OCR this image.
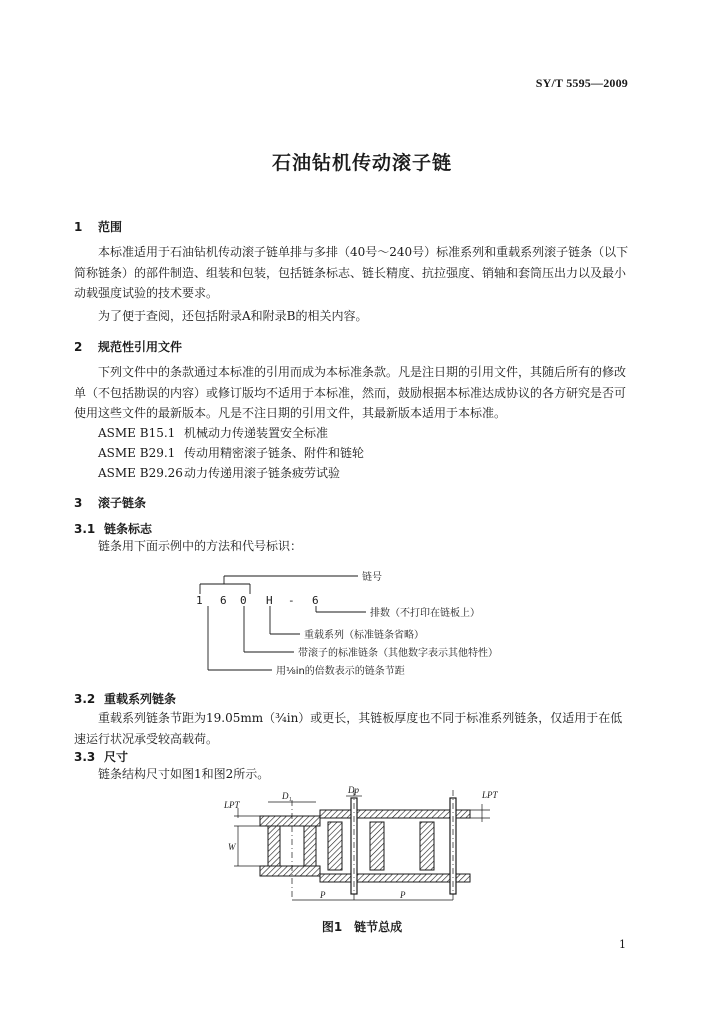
SY/T 5595—2009
石油钻机传动滚子链
1 范围
本标准适用于石油钻机传动滚子链单排与多排（40号～240号）标准系列和重载系列滚子链条（以下简称链条）的部件制造、组装和包装，包括链条标志、链长精度、抗拉强度、销轴和套筒压出力以及最小动载强度试验的技术要求。
为了便于查阅，还包括附录A和附录B的相关内容。
2 规范性引用文件
下列文件中的条款通过本标准的引用而成为本标准条款。凡是注日期的引用文件，其随后所有的修改单（不包括勘误的内容）或修订版均不适用于本标准，然而，鼓励根据本标准达成协议的各方研究是否可使用这些文件的最新版本。凡是不注日期的引用文件，其最新版本适用于本标准。
ASME B15.1 机械动力传递装置安全标准
ASME B29.1 传动用精密滚子链条、附件和链轮
ASME B29.26动力传递用滚子链条疲劳试验
3 滚子链条
3.1 链条标志
链条用下面示例中的方法和代号标识：
1 6 0 H - 6
链号
排数（不打印在链板上）
重载系列（标准链条省略）
带滚子的标准链条（其他数字表示其他特性）
用⅛in的倍数表示的链条节距
3.2 重载系列链条
重载系列链条节距为19.05mm（¾in）或更长，其链板厚度也不同于标准系列链条，仅适用于在低速运行状况承受较高载荷。
3.3 尺寸
链条结构尺寸如图1和图2所示。
LPT
LPT
D₁
Dp
W
P	P
图1　链节总成
1
